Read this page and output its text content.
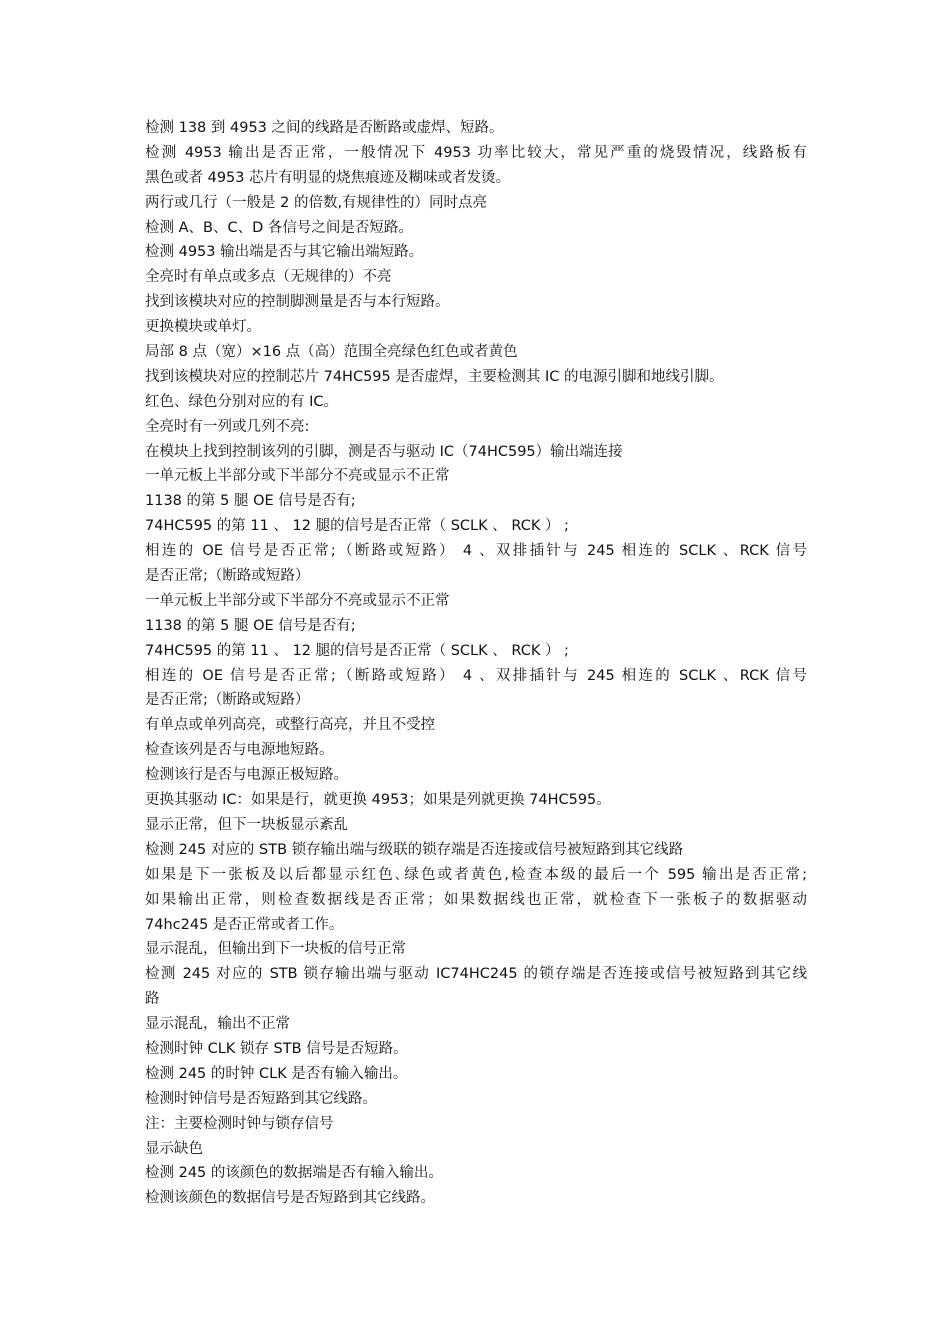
检测 138 到 4953 之间的线路是否断路或虚焊、短路。
检测 4953 输出是否正常，一般情况下 4953 功率比较大，常见严重的烧毁情况，线路板有
黑色或者 4953 芯片有明显的烧焦痕迹及糊味或者发烫。
两行或几行（一般是 2 的倍数,有规律性的）同时点亮
检测 A、B、C、D 各信号之间是否短路。
检测 4953 输出端是否与其它输出端短路。
全亮时有单点或多点（无规律的）不亮
找到该模块对应的控制脚测量是否与本行短路。
更换模块或单灯。
局部 8 点（宽）×16 点（高）范围全亮绿色红色或者黄色
找到该模块对应的控制芯片 74HC595 是否虚焊，主要检测其 IC 的电源引脚和地线引脚。
红色、绿色分别对应的有 IC。
全亮时有一列或几列不亮:
在模块上找到控制该列的引脚，测是否与驱动 IC（74HC595）输出端连接
一单元板上半部分或下半部分不亮或显示不正常
1138 的第 5 腿 OE 信号是否有;
74HC595 的第 11 、 12 腿的信号是否正常（ SCLK 、 RCK ） ;
相连的 OE 信号是否正常;（断路或短路） 4 、双排插针与 245 相连的 SCLK 、RCK 信号
是否正常;（断路或短路）
一单元板上半部分或下半部分不亮或显示不正常
1138 的第 5 腿 OE 信号是否有;
74HC595 的第 11 、 12 腿的信号是否正常（ SCLK 、 RCK ） ;
相连的 OE 信号是否正常;（断路或短路） 4 、双排插针与 245 相连的 SCLK 、RCK 信号
是否正常;（断路或短路）
有单点或单列高亮，或整行高亮，并且不受控
检查该列是否与电源地短路。
检测该行是否与电源正极短路。
更换其驱动 IC：如果是行，就更换 4953；如果是列就更换 74HC595。
显示正常，但下一块板显示紊乱
检测 245 对应的 STB 锁存输出端与级联的锁存端是否连接或信号被短路到其它线路
如果是下一张板及以后都显示红色､绿色或者黄色,检查本级的最后一个 595 输出是否正常;
如果输出正常，则检查数据线是否正常；如果数据线也正常，就检查下一张板子的数据驱动
74hc245 是否正常或者工作。
显示混乱，但输出到下一块板的信号正常
检测 245 对应的 STB 锁存输出端与驱动 IC74HC245 的锁存端是否连接或信号被短路到其它线
路
显示混乱，输出不正常
检测时钟 CLK 锁存 STB 信号是否短路。
检测 245 的时钟 CLK 是否有输入输出。
检测时钟信号是否短路到其它线路。
注：主要检测时钟与锁存信号
显示缺色
检测 245 的该颜色的数据端是否有输入输出。
检测该颜色的数据信号是否短路到其它线路。
